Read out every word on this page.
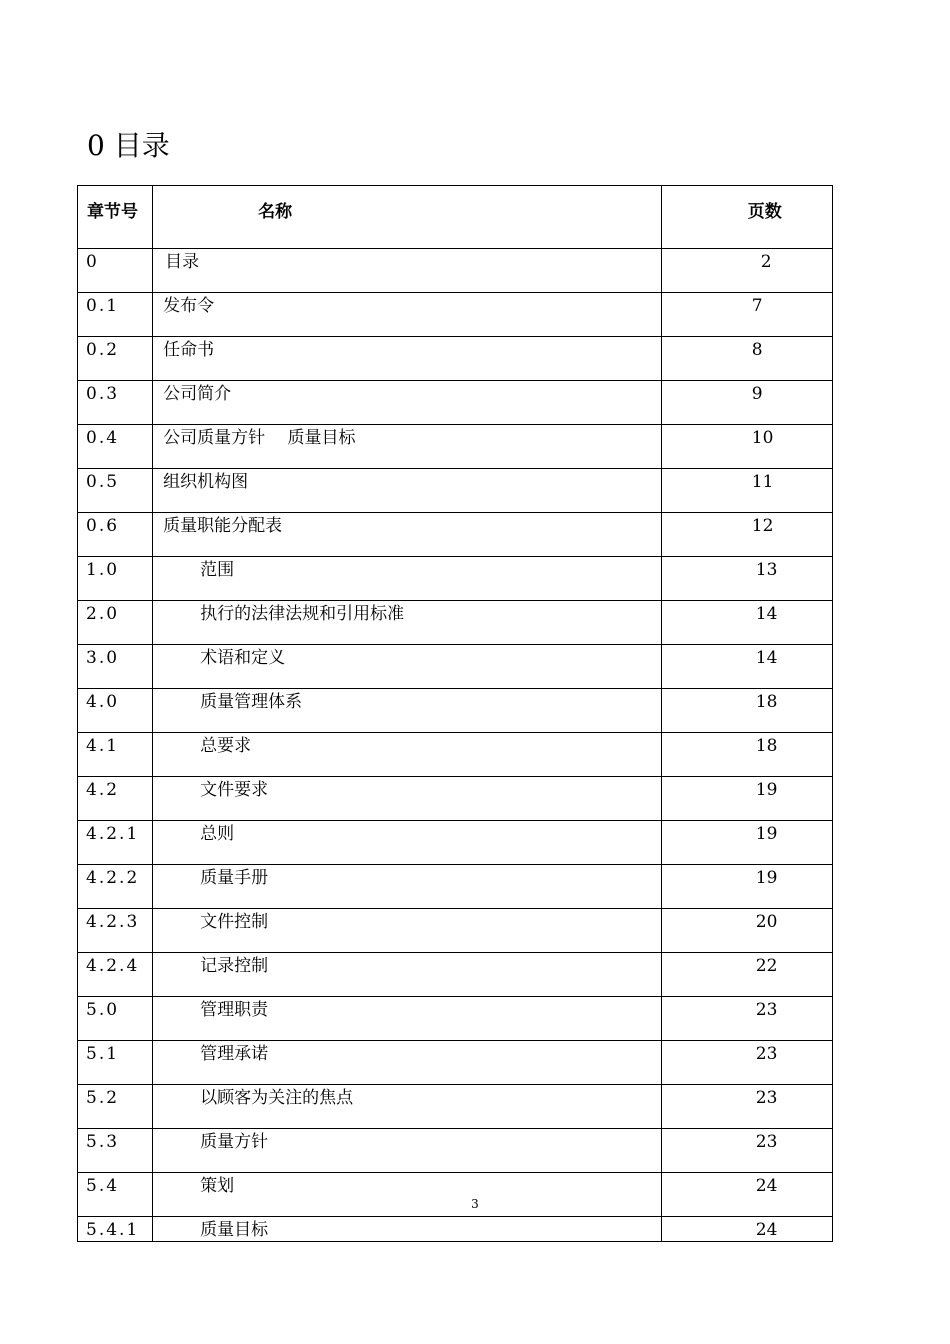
0 目录
章节号	名称	页数
0	目录	2
0.1	发布令	7
0.2	任命书	8
0.3	公司简介	9
0.4	公司质量方针　 质量目标	10
0.5	组织机构图	11
0.6	质量职能分配表	12
1.0	范围	13
2.0	执行的法律法规和引用标准	14
3.0	术语和定义	14
4.0	质量管理体系	18
4.1	总要求	18
4.2	文件要求	19
4.2.1	总则	19
4.2.2	质量手册	19
4.2.3	文件控制	20
4.2.4	记录控制	22
5.0	管理职责	23
5.1	管理承诺	23
5.2	以顾客为关注的焦点	23
5.3	质量方针	23
5.4	策划	24
5.4.1	质量目标	24
3
